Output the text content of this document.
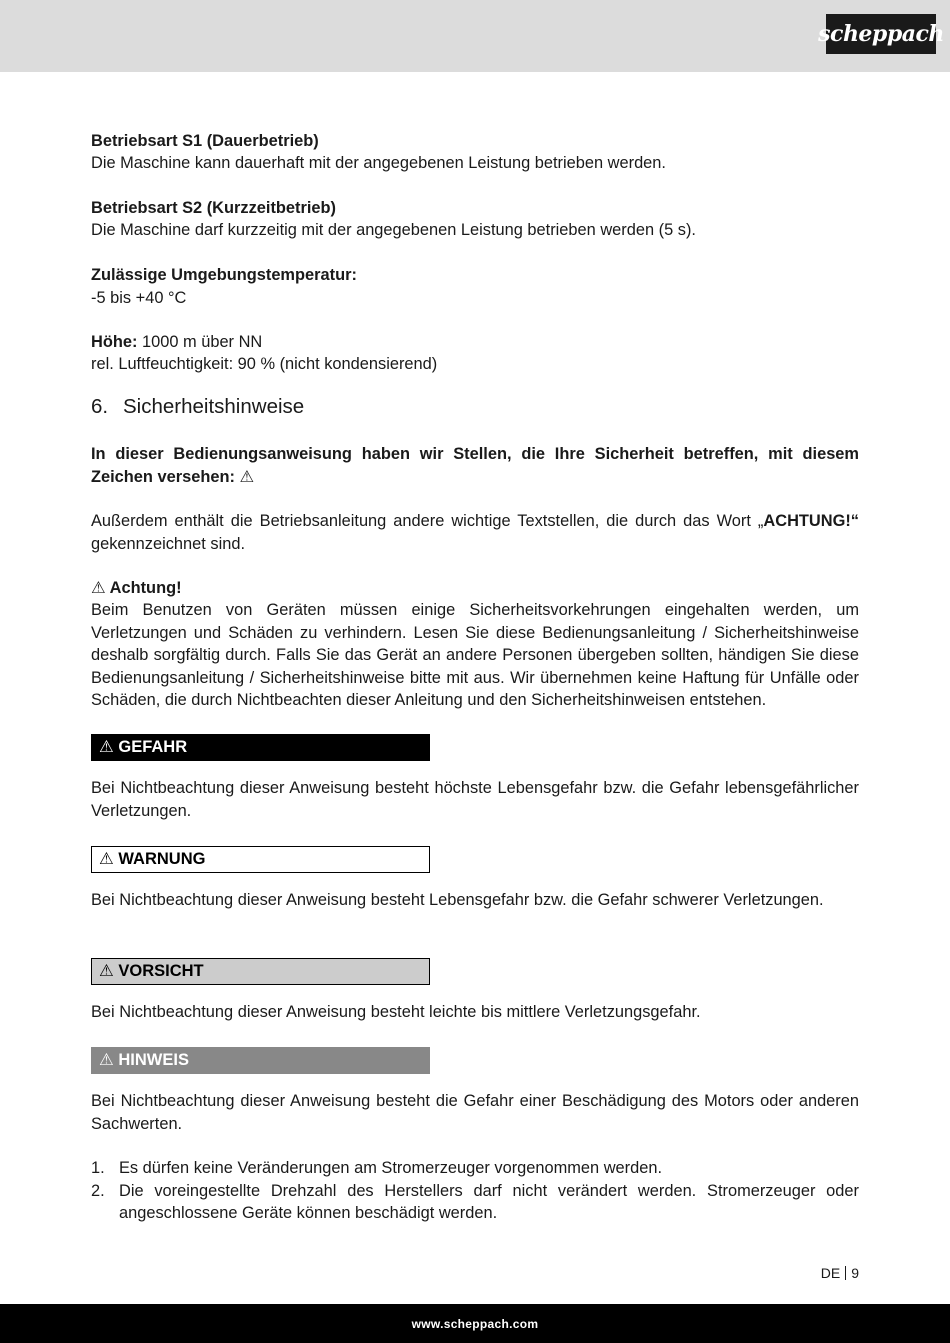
scheppach

Betriebsart S1 (Dauerbetrieb)

Die Maschine kann dauerhaft mit der angegebenen Leistung betrieben werden.

Betriebsart S2 (Kurzzeitbetrieb)

Die Maschine darf kurzzeitig mit der angegebenen Leistung betrieben werden (5 s).

Zulässige Umgebungstemperatur:

-5 bis +40 °C

Höhe: 1000 m über NN

rel. Luftfeuchtigkeit: 90 % (nicht kondensierend)

6. Sicherheitshinweise

In dieser Bedienungsanweisung haben wir Stellen, die Ihre Sicherheit betreffen, mit diesem Zeichen versehen: ⚠

Außerdem enthält die Betriebsanleitung andere wichtige Textstellen, die durch das Wort „ACHTUNG!“ gekennzeichnet sind.

⚠ Achtung!

Beim Benutzen von Geräten müssen einige Sicherheitsvorkehrungen eingehalten werden, um Verletzungen und Schäden zu verhindern. Lesen Sie diese Bedienungsanleitung / Sicherheitshinweise deshalb sorgfältig durch. Falls Sie das Gerät an andere Personen übergeben sollten, händigen Sie diese Bedienungsanleitung / Sicherheitshinweise bitte mit aus. Wir übernehmen keine Haftung für Unfälle oder Schäden, die durch Nichtbeachten dieser Anleitung und den Sicherheitshinweisen entstehen.

⚠ GEFAHR

Bei Nichtbeachtung dieser Anweisung besteht höchste Lebensgefahr bzw. die Gefahr lebensgefährlicher Verletzungen.

⚠ WARNUNG

Bei Nichtbeachtung dieser Anweisung besteht Lebensgefahr bzw. die Gefahr schwerer Verletzungen.

⚠ VORSICHT

Bei Nichtbeachtung dieser Anweisung besteht leichte bis mittlere Verletzungsgefahr.

⚠ HINWEIS

Bei Nichtbeachtung dieser Anweisung besteht die Gefahr einer Beschädigung des Motors oder anderen Sachwerten.

1. Es dürfen keine Veränderungen am Stromerzeuger vorgenommen werden.
2. Die voreingestellte Drehzahl des Herstellers darf nicht verändert werden. Stromerzeuger oder angeschlossene Geräte können beschädigt werden.
DE 9
www.scheppach.com
